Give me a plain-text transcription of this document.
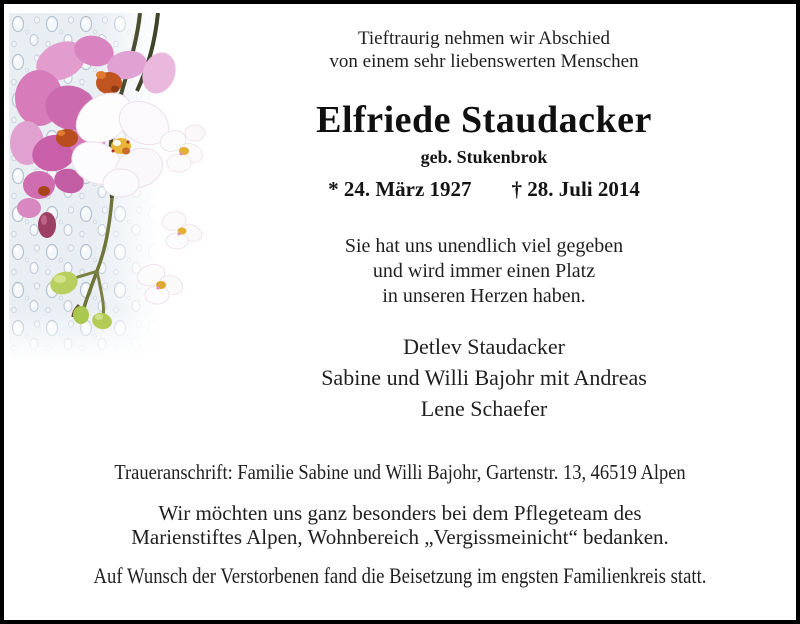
Tieftraurig nehmen wir Abschied
von einem sehr liebenswerten Menschen
Elfriede Staudacker
geb. Stukenbrok
* 24. März 1927 † 28. Juli 2014
Sie hat uns unendlich viel gegeben
und wird immer einen Platz
in unseren Herzen haben.
Detlev Staudacker
Sabine und Willi Bajohr mit Andreas
Lene Schaefer
Traueranschrift: Familie Sabine und Willi Bajohr, Gartenstr. 13, 46519 Alpen
Wir möchten uns ganz besonders bei dem Pflegeteam des
Marienstiftes Alpen, Wohnbereich „Vergissmeinicht“ bedanken.
Auf Wunsch der Verstorbenen fand die Beisetzung im engsten Familienkreis statt.
